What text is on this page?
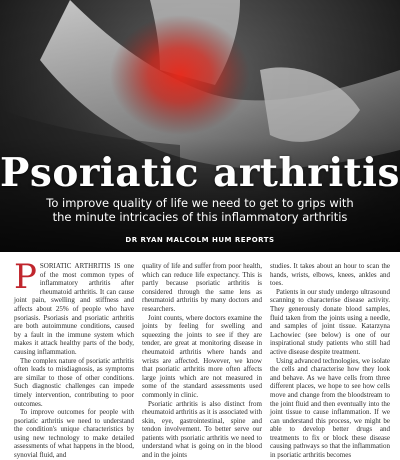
Psoriatic arthritis

To improve quality of life we need to get to grips with the minute intricacies of this inflammatory arthritis

DR RYAN MALCOLM HUM REPORTS

PSORIATIC ARTHRITIS IS one of the most common types of inflammatory arthritis after rheumatoid arthritis. It can cause joint pain, swelling and stiffness and affects about 25% of people who have psoriasis. Psoriasis and psoriatic arthritis are both autoimmune conditions, caused by a fault in the immune system which makes it attack healthy parts of the body, causing inflammation.

The complex nature of psoriatic arthritis often leads to misdiagnosis, as symptoms are similar to those of other conditions. Such diagnostic challenges can impede timely intervention, contributing to poor outcomes.

To improve outcomes for people with psoriatic arthritis we need to understand the condition's unique characteristics by using new technology to make detailed assessments of what happens in the blood, synovial fluid, and

quality of life and suffer from poor health, which can reduce life expectancy. This is partly because psoriatic arthritis is considered through the same lens as rheumatoid arthritis by many doctors and researchers.

Joint counts, where doctors examine the joints by feeling for swelling and squeezing the joints to see if they are tender, are great at monitoring disease in rheumatoid arthritis where hands and wrists are affected. However, we know that psoriatic arthritis more often affects large joints which are not measured in some of the standard assessments used commonly in clinic.

Psoriatic arthritis is also distinct from rheumatoid arthritis as it is associated with skin, eye, gastrointestinal, spine and tendon involvement. To better serve our patients with psoriatic arthritis we need to understand what is going on in the blood and in the joints

studies. It takes about an hour to scan the hands, wrists, elbows, knees, ankles and toes.

Patients in our study undergo ultrasound scanning to characterise disease activity. They generously donate blood samples, fluid taken from the joints using a needle, and samples of joint tissue. Katarzyna Lachowiec (see below) is one of our inspirational study patients who still had active disease despite treatment.

Using advanced technologies, we isolate the cells and characterise how they look and behave. As we have cells from three different places, we hope to see how cells move and change from the bloodstream to the joint fluid and then eventually into the joint tissue to cause inflammation. If we can understand this process, we might be able to develop better drugs and treatments to fix or block these disease causing pathways so that the inflammation in psoriatic arthritis becomes
